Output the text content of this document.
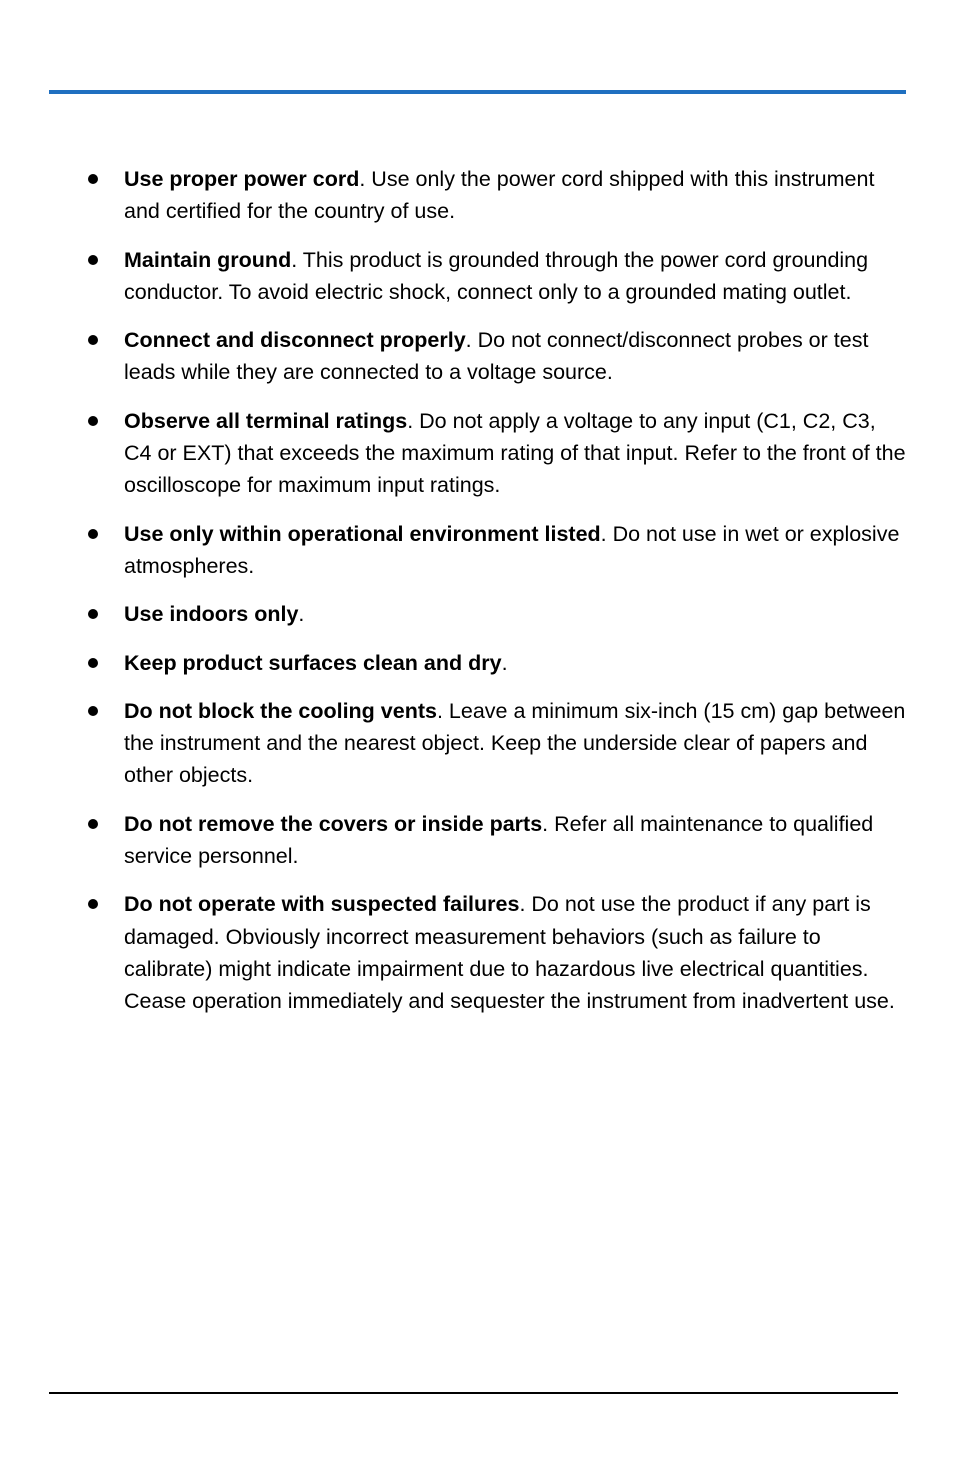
Use proper power cord. Use only the power cord shipped with this instrument and certified for the country of use.
Maintain ground. This product is grounded through the power cord grounding conductor. To avoid electric shock, connect only to a grounded mating outlet.
Connect and disconnect properly. Do not connect/disconnect probes or test leads while they are connected to a voltage source.
Observe all terminal ratings. Do not apply a voltage to any input (C1, C2, C3, C4 or EXT) that exceeds the maximum rating of that input. Refer to the front of the oscilloscope for maximum input ratings.
Use only within operational environment listed. Do not use in wet or explosive atmospheres.
Use indoors only.
Keep product surfaces clean and dry.
Do not block the cooling vents. Leave a minimum six-inch (15 cm) gap between the instrument and the nearest object. Keep the underside clear of papers and other objects.
Do not remove the covers or inside parts. Refer all maintenance to qualified service personnel.
Do not operate with suspected failures. Do not use the product if any part is damaged. Obviously incorrect measurement behaviors (such as failure to calibrate) might indicate impairment due to hazardous live electrical quantities. Cease operation immediately and sequester the instrument from inadvertent use.
